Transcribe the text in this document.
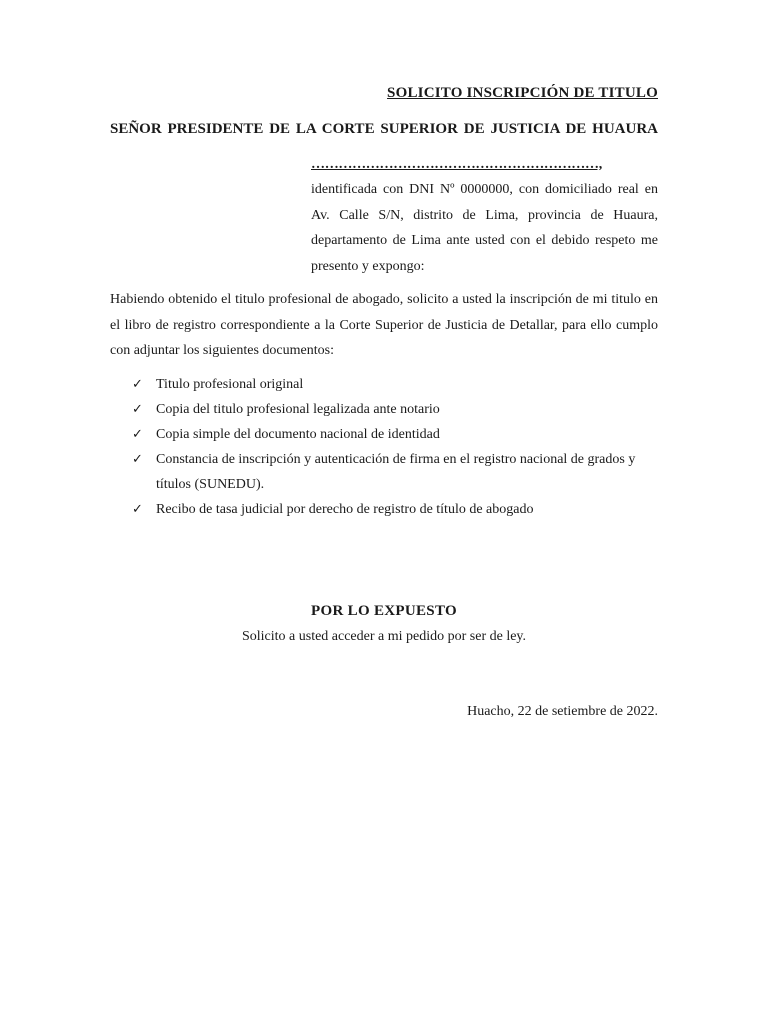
SOLICITO INSCRIPCIÓN DE TITULO
SEÑOR PRESIDENTE DE LA CORTE SUPERIOR DE JUSTICIA DE HUAURA
………………………………………………………,
identificada con DNI Nº 0000000, con domiciliado real en Av. Calle S/N, distrito de Lima, provincia de Huaura, departamento de Lima ante usted con el debido respeto me presento y expongo:
Habiendo obtenido el titulo profesional de abogado, solicito a usted la inscripción de mi titulo en el libro de registro correspondiente a la Corte Superior de Justicia de Detallar, para ello cumplo con adjuntar los siguientes documentos:
✓ Titulo profesional original
✓ Copia del titulo profesional legalizada ante notario
✓ Copia simple del documento nacional de identidad
✓ Constancia de inscripción y autenticación de firma en el registro nacional de grados y títulos (SUNEDU).
✓ Recibo de tasa judicial por derecho de registro de título de abogado
POR LO EXPUESTO
Solicito a usted acceder a mi pedido por ser de ley.
Huacho, 22 de setiembre de 2022.
